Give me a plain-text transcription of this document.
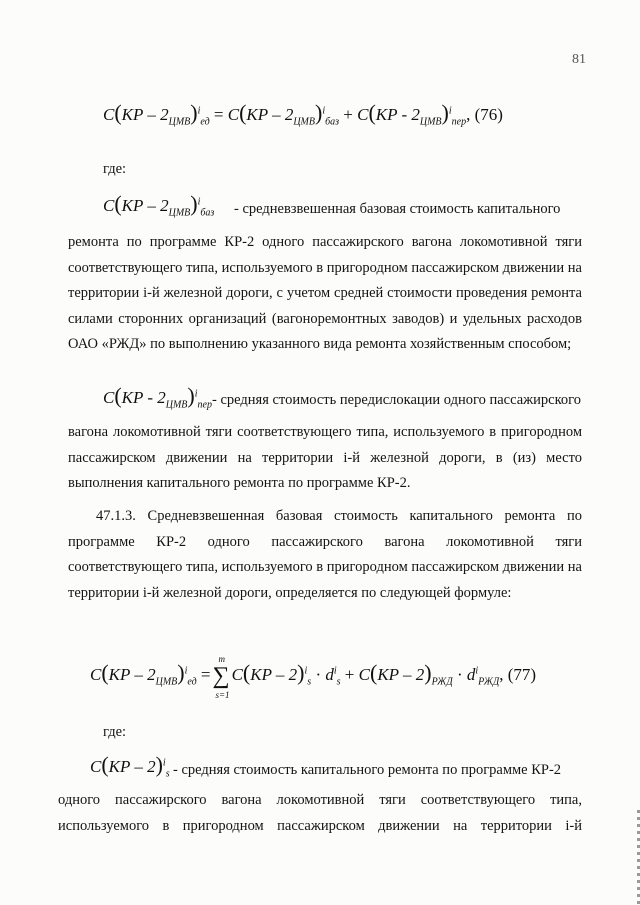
81
$C(KP - 2_{ЦМВ})^i_{ед} = C(KP - 2_{ЦМВ})^i_{баз} + C(KP - 2_{ЦМВ})^i_{пер}$, (76)
где:
$C(KP - 2_{ЦМВ})^i_{баз}$ - средневзвешенная базовая стоимость капитального

ремонта по программе КР-2 одного пассажирского вагона локомотивной тяги соответствующего типа, используемого в пригородном пассажирском движении на территории i-й железной дороги, с учетом средней стоимости проведения ремонта силами сторонних организаций (вагоноремонтных заводов) и удельных расходов ОАО «РЖД» по выполнению указанного вида ремонта хозяйственным способом;

$C(KP - 2_{ЦМВ})^i_{пер}$ - средняя стоимость передислокации одного пассажирского

вагона локомотивной тяги соответствующего типа, используемого в пригородном пассажирском движении на территории i-й железной дороги, в (из) место выполнения капитального ремонта по программе КР-2.

47.1.3. Средневзвешенная базовая стоимость капитального ремонта по программе КР-2 одного пассажирского вагона локомотивной тяги соответствующего типа, используемого в пригородном пассажирском движении на территории i-й железной дороги, определяется по следующей формуле:

$C(KP - 2_{ЦМВ})^i_{ед}$ =∑
m
s=1
$C(KP - 2)^i_s \cdot d^i_s + C(KP - 2)_{РЖД} \cdot d^i_{РЖД}$, (77)
где:
C(KP – 2)$^i_s$ - средняя стоимость капитального ремонта по программе КР-2

одного пассажирского вагона локомотивной тяги соответствующего типа, используемого в пригородном пассажирском движении на территории i-й
